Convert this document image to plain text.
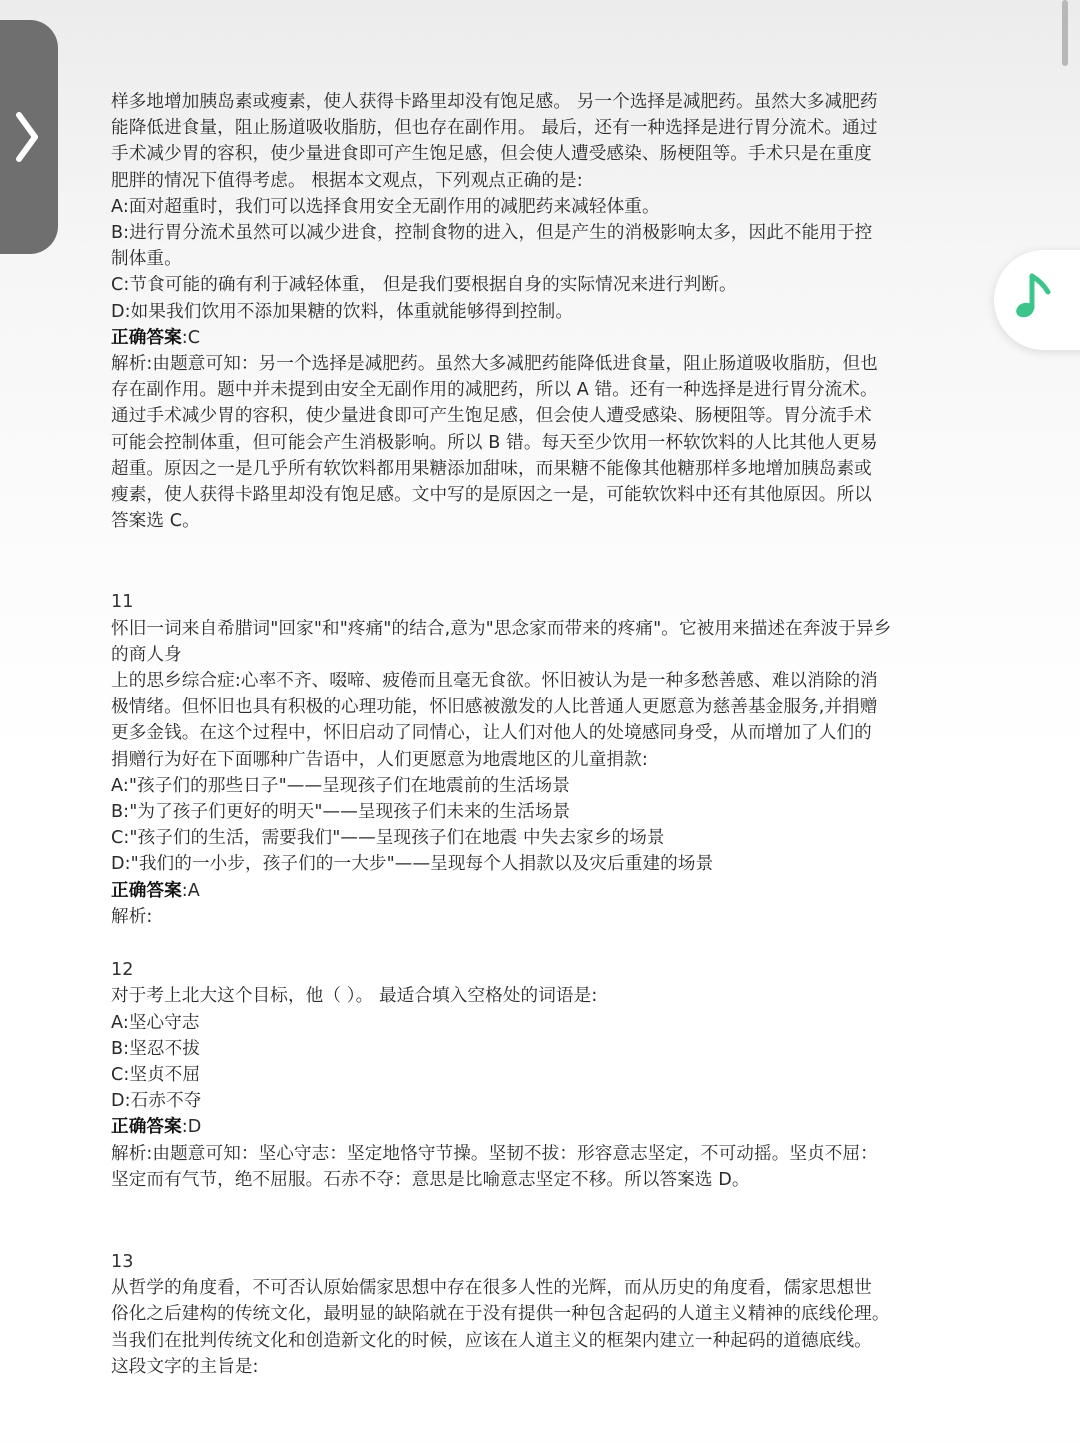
样多地增加胰岛素或瘦素，使人获得卡路里却没有饱足感。 另一个选择是减肥药。虽然大多减肥药
能降低进食量，阻止肠道吸收脂肪，但也存在副作用。 最后，还有一种选择是进行胃分流术。通过
手术减少胃的容积，使少量进食即可产生饱足感，但会使人遭受感染、肠梗阻等。手术只是在重度
肥胖的情况下值得考虑。 根据本文观点，下列观点正确的是:
A:面对超重时，我们可以选择食用安全无副作用的减肥药来减轻体重。
B:进行胃分流术虽然可以减少进食，控制食物的进入，但是产生的消极影响太多，因此不能用于控
制体重。
C:节食可能的确有利于减轻体重， 但是我们要根据自身的实际情况来进行判断。
D:如果我们饮用不添加果糖的饮料，体重就能够得到控制。
正确答案:C
解析:由题意可知：另一个选择是减肥药。虽然大多减肥药能降低进食量，阻止肠道吸收脂肪，但也
存在副作用。题中并未提到由安全无副作用的减肥药，所以 A 错。还有一种选择是进行胃分流术。
通过手术减少胃的容积，使少量进食即可产生饱足感，但会使人遭受感染、肠梗阻等。胃分流手术
可能会控制体重，但可能会产生消极影响。所以 B 错。每天至少饮用一杯软饮料的人比其他人更易
超重。原因之一是几乎所有软饮料都用果糖添加甜味，而果糖不能像其他糖那样多地增加胰岛素或
瘦素，使人获得卡路里却没有饱足感。文中写的是原因之一是，可能软饮料中还有其他原因。所以
答案选 C。
11
怀旧一词来自希腊词"回家"和"疼痛"的结合,意为"思念家而带来的疼痛"。它被用来描述在奔波于异乡
的商人身
上的思乡综合症:心率不齐、啜啼、疲倦而且毫无食欲。怀旧被认为是一种多愁善感、难以消除的消
极情绪。但怀旧也具有积极的心理功能，怀旧感被激发的人比普通人更愿意为慈善基金服务,并捐赠
更多金钱。在这个过程中，怀旧启动了同情心，让人们对他人的处境感同身受，从而增加了人们的
捐赠行为好在下面哪种广告语中，人们更愿意为地震地区的儿童捐款:
A:"孩子们的那些日子"——呈现孩子们在地震前的生活场景
B:"为了孩子们更好的明天"——呈现孩子们未来的生活场景
C:"孩子们的生活，需要我们"——呈现孩子们在地震 中失去家乡的场景
D:"我们的一小步，孩子们的一大步"——呈现每个人捐款以及灾后重建的场景
正确答案:A
解析:
12
对于考上北大这个目标，他（ ）。 最适合填入空格处的词语是:
A:坚心守志
B:坚忍不拔
C:坚贞不屈
D:石赤不夺
正确答案:D
解析:由题意可知：坚心守志：坚定地恪守节操。坚韧不拔：形容意志坚定，不可动摇。坚贞不屈：
坚定而有气节，绝不屈服。石赤不夺：意思是比喻意志坚定不移。所以答案选 D。
13
从哲学的角度看，不可否认原始儒家思想中存在很多人性的光辉，而从历史的角度看，儒家思想世
俗化之后建构的传统文化，最明显的缺陷就在于没有提供一种包含起码的人道主义精神的底线伦理。
当我们在批判传统文化和创造新文化的时候，应该在人道主义的框架内建立一种起码的道德底线。
这段文字的主旨是:
